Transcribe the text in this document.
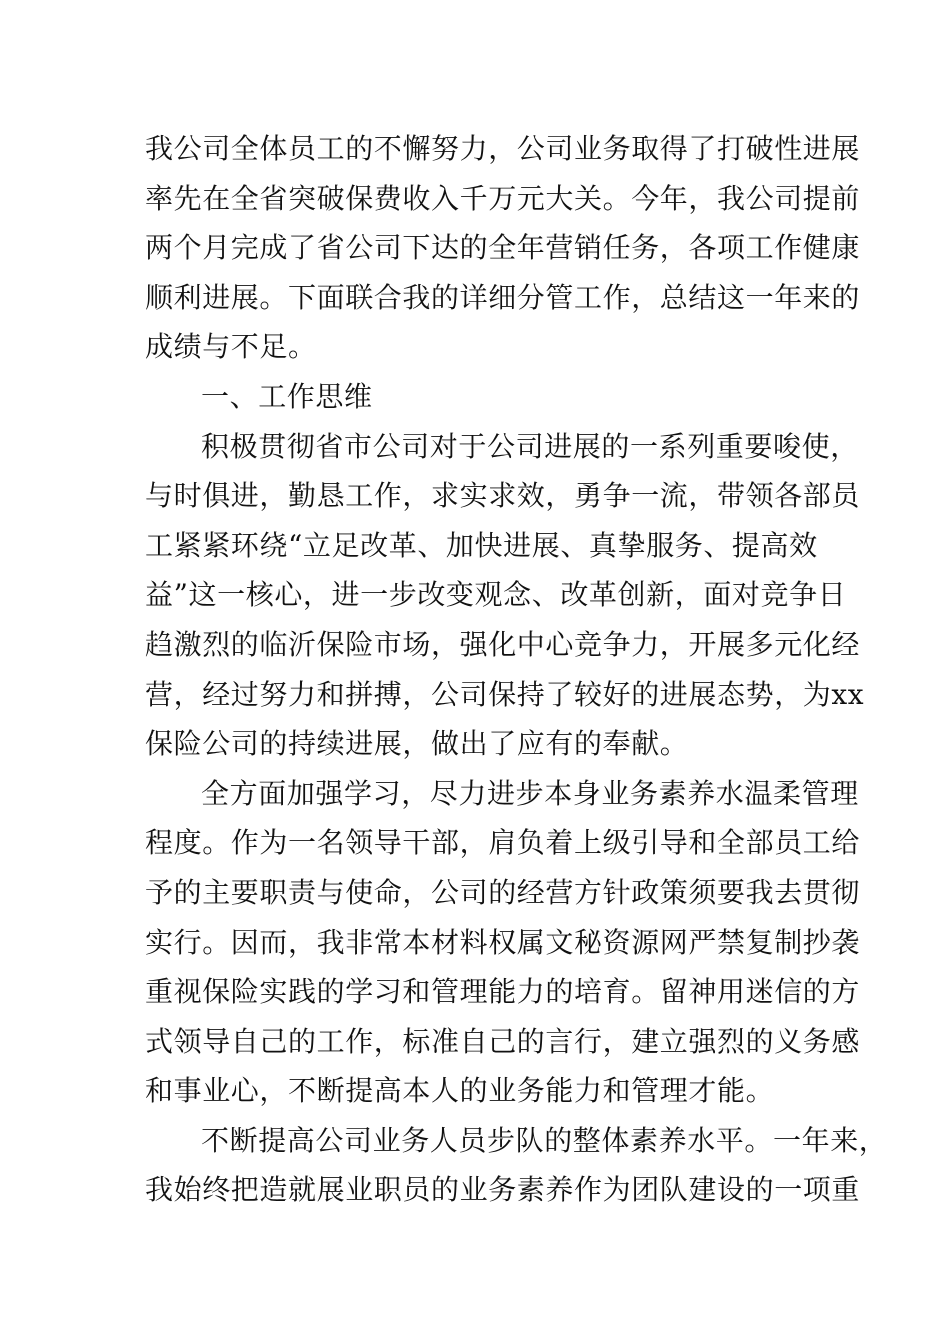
我公司全体员工的不懈努力，公司业务取得了打破性进展
率先在全省突破保费收入千万元大关。今年，我公司提前
两个月完成了省公司下达的全年营销任务，各项工作健康
顺利进展。下面联合我的详细分管工作，总结这一年来的
成绩与不足。

一、工作思维

积极贯彻省市公司对于公司进展的一系列重要唆使，
与时俱进，勤恳工作，求实求效，勇争一流，带领各部员
工紧紧环绕“立足改革、加快进展、真挚服务、提高效
益”这一核心，进一步改变观念、改革创新，面对竞争日
趋激烈的临沂保险市场，强化中心竞争力，开展多元化经
营，经过努力和拼搏，公司保持了较好的进展态势，为xx
保险公司的持续进展，做出了应有的奉献。

全方面加强学习，尽力进步本身业务素养水温柔管理
程度。作为一名领导干部，肩负着上级引导和全部员工给
予的主要职责与使命，公司的经营方针政策须要我去贯彻
实行。因而，我非常本材料权属文秘资源网严禁复制抄袭
重视保险实践的学习和管理能力的培育。留神用迷信的方
式领导自己的工作，标准自己的言行，建立强烈的义务感
和事业心，不断提高本人的业务能力和管理才能。

不断提高公司业务人员步队的整体素养水平。一年来，
我始终把造就展业职员的业务素养作为团队建设的一项重
